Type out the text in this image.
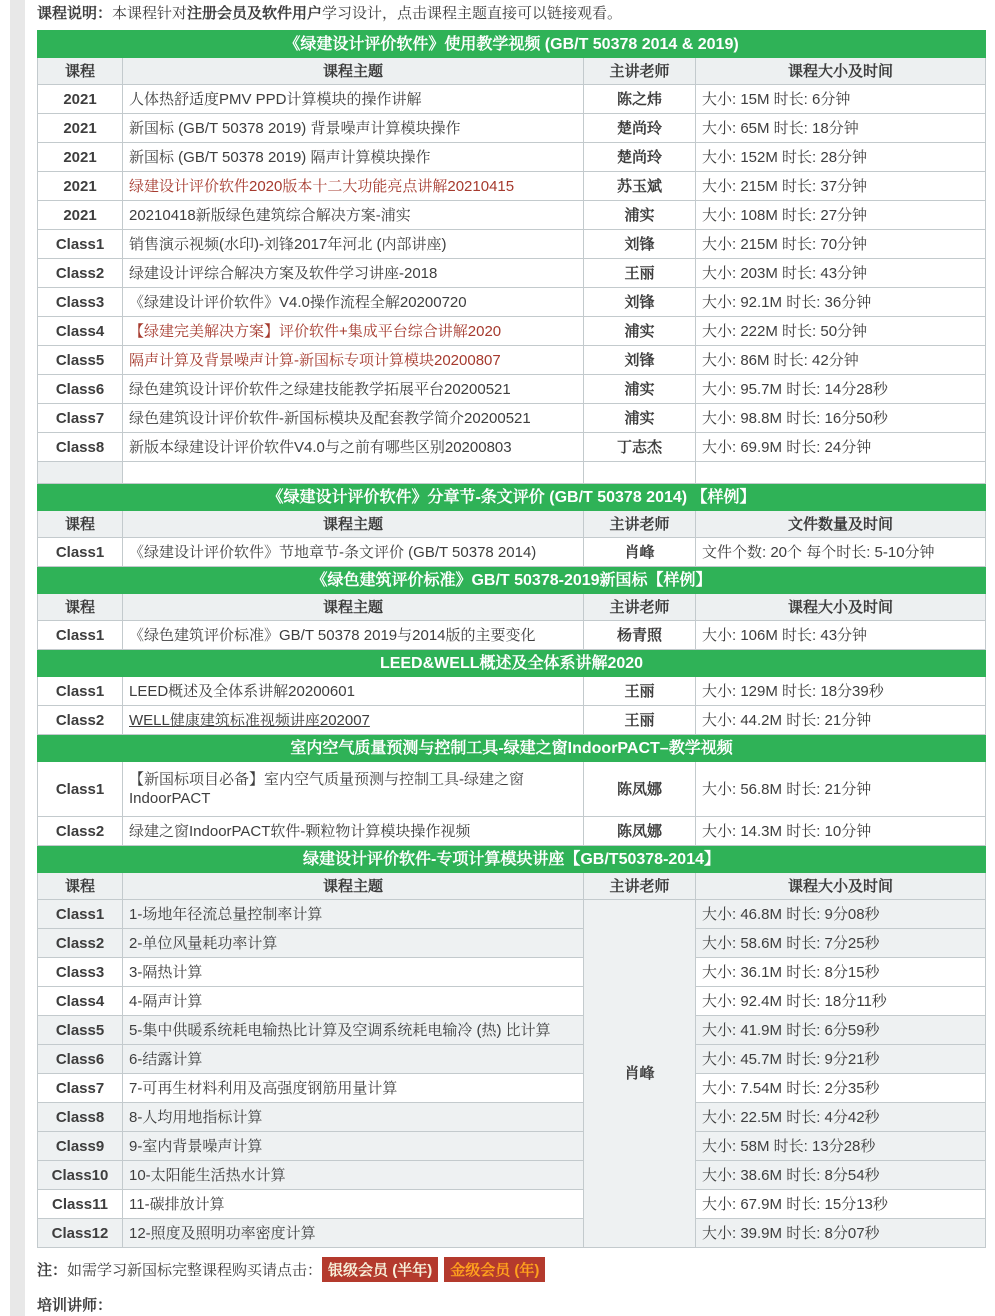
课程说明：本课程针对注册会员及软件用户学习设计，点击课程主题直接可以链接观看。

《绿建设计评价软件》使用教学视频 (GB/T 50378 2014 & 2019)			
课程	课程主题	主讲老师	课程大小及时间
2021	人体热舒适度PMV PPD计算模块的操作讲解	陈之炜	大小: 15M 时长: 6分钟
2021	新国标 (GB/T 50378 2019) 背景噪声计算模块操作	楚尚玲	大小: 65M 时长: 18分钟
2021	新国标 (GB/T 50378 2019) 隔声计算模块操作	楚尚玲	大小: 152M 时长: 28分钟
2021	绿建设计评价软件2020版本十二大功能亮点讲解20210415	苏玉斌	大小: 215M 时长: 37分钟
2021	20210418新版绿色建筑综合解决方案-浦实	浦实	大小: 108M 时长: 27分钟
Class1	销售演示视频(水印)-刘锋2017年河北 (内部讲座)	刘锋	大小: 215M 时长: 70分钟
Class2	绿建设计评综合解决方案及软件学习讲座-2018	王丽	大小: 203M 时长: 43分钟
Class3	《绿建设计评价软件》V4.0操作流程全解20200720	刘锋	大小: 92.1M 时长: 36分钟
Class4	【绿建完美解决方案】评价软件+集成平台综合讲解2020	浦实	大小: 222M 时长: 50分钟
Class5	隔声计算及背景噪声计算-新国标专项计算模块20200807	刘锋	大小: 86M 时长: 42分钟
Class6	绿色建筑设计评价软件之绿建技能教学拓展平台20200521	浦实	大小: 95.7M 时长: 14分28秒
Class7	绿色建筑设计评价软件-新国标模块及配套教学简介20200521	浦实	大小: 98.8M 时长: 16分50秒
Class8	新版本绿建设计评价软件V4.0与之前有哪些区别20200803	丁志杰	大小: 69.9M 时长: 24分钟

《绿建设计评价软件》分章节-条文评价 (GB/T 50378 2014) 【样例】			
课程	课程主题	主讲老师	文件数量及时间
Class1	《绿建设计评价软件》节地章节-条文评价 (GB/T 50378 2014)	肖峰	文件个数: 20个 每个时长: 5-10分钟
《绿色建筑评价标准》GB/T 50378-2019新国标【样例】			
课程	课程主题	主讲老师	课程大小及时间
Class1	《绿色建筑评价标准》GB/T 50378 2019与2014版的主要变化	杨青照	大小: 106M 时长: 43分钟
LEED&WELL概述及全体系讲解2020			
Class1	LEED概述及全体系讲解20200601	王丽	大小: 129M 时长: 18分39秒
Class2	WELL健康建筑标准视频讲座202007	王丽	大小: 44.2M 时长: 21分钟
室内空气质量预测与控制工具-绿建之窗IndoorPACT–教学视频			
Class1	【新国标项目必备】室内空气质量预测与控制工具-绿建之窗IndoorPACT	陈凤娜	大小: 56.8M 时长: 21分钟
Class2	绿建之窗IndoorPACT软件-颗粒物计算模块操作视频	陈凤娜	大小: 14.3M 时长: 10分钟
绿建设计评价软件-专项计算模块讲座【GB/T50378-2014】			
课程	课程主题	主讲老师	课程大小及时间
Class1	1-场地年径流总量控制率计算	肖峰	大小: 46.8M 时长: 9分08秒
Class2	2-单位风量耗功率计算		大小: 58.6M 时长: 7分25秒
Class3	3-隔热计算		大小: 36.1M 时长: 8分15秒
Class4	4-隔声计算		大小: 92.4M 时长: 18分11秒
Class5	5-集中供暖系统耗电输热比计算及空调系统耗电输冷 (热) 比计算		大小: 41.9M 时长: 6分59秒
Class6	6-结露计算		大小: 45.7M 时长: 9分21秒
Class7	7-可再生材料利用及高强度钢筋用量计算		大小: 7.54M 时长: 2分35秒
Class8	8-人均用地指标计算		大小: 22.5M 时长: 4分42秒
Class9	9-室内背景噪声计算		大小: 58M 时长: 13分28秒
Class10	10-太阳能生活热水计算		大小: 38.6M 时长: 8分54秒
Class11	11-碳排放计算		大小: 67.9M 时长: 15分13秒
Class12	12-照度及照明功率密度计算		大小: 39.9M 时长: 8分07秒

注：如需学习新国标完整课程购买请点击： 银级会员 (半年) 金级会员 (年)

培训讲师：
